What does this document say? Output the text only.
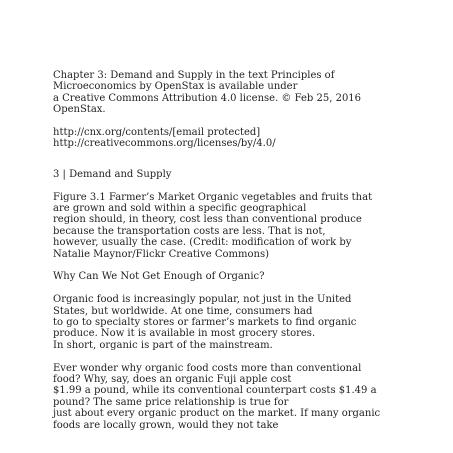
Chapter 3: Demand and Supply in the text Principles of
Microeconomics by OpenStax is available under
a Creative Commons Attribution 4.0 license. © Feb 25, 2016
OpenStax.
http://cnx.org/contents/[email protected]
http://creativecommons.org/licenses/by/4.0/
3 | Demand and Supply
Figure 3.1 Farmer’s Market Organic vegetables and fruits that
are grown and sold within a specific geographical
region should, in theory, cost less than conventional produce
because the transportation costs are less. That is not,
however, usually the case. (Credit: modification of work by
Natalie Maynor/Flickr Creative Commons)
Why Can We Not Get Enough of Organic?
Organic food is increasingly popular, not just in the United
States, but worldwide. At one time, consumers had
to go to specialty stores or farmer’s markets to find organic
produce. Now it is available in most grocery stores.
In short, organic is part of the mainstream.
Ever wonder why organic food costs more than conventional
food? Why, say, does an organic Fuji apple cost
$1.99 a pound, while its conventional counterpart costs $1.49 a
pound? The same price relationship is true for
just about every organic product on the market. If many organic
foods are locally grown, would they not take
